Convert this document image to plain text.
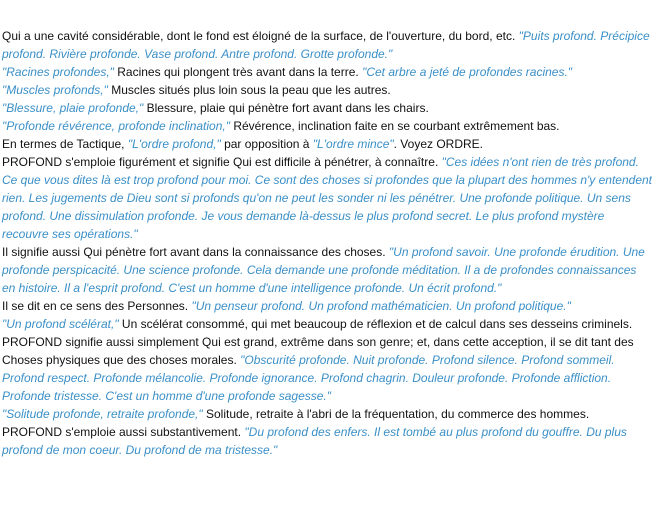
Qui a une cavité considérable, dont le fond est éloigné de la surface, de l'ouverture, du bord, etc. "Puits profond. Précipice profond. Rivière profonde. Vase profond. Antre profond. Grotte profonde."

"Racines profondes," Racines qui plongent très avant dans la terre. "Cet arbre a jeté de profondes racines."

"Muscles profonds," Muscles situés plus loin sous la peau que les autres.

"Blessure, plaie profonde," Blessure, plaie qui pénètre fort avant dans les chairs.

"Profonde révérence, profonde inclination," Révérence, inclination faite en se courbant extrêmement bas.

En termes de Tactique, "L'ordre profond," par opposition à "L'ordre mince". Voyez ORDRE.

PROFOND s'emploie figurément et signifie Qui est difficile à pénétrer, à connaître. "Ces idées n'ont rien de très profond. Ce que vous dites là est trop profond pour moi. Ce sont des choses si profondes que la plupart des hommes n'y entendent rien. Les jugements de Dieu sont si profonds qu'on ne peut les sonder ni les pénétrer. Une profonde politique. Un sens profond. Une dissimulation profonde. Je vous demande là-dessus le plus profond secret. Le plus profond mystère recouvre ses opérations."

Il signifie aussi Qui pénètre fort avant dans la connaissance des choses. "Un profond savoir. Une profonde érudition. Une profonde perspicacité. Une science profonde. Cela demande une profonde méditation. Il a de profondes connaissances en histoire. Il a l'esprit profond. C'est un homme d'une intelligence profonde. Un écrit profond."

Il se dit en ce sens des Personnes. "Un penseur profond. Un profond mathématicien. Un profond politique."

"Un profond scélérat," Un scélérat consommé, qui met beaucoup de réflexion et de calcul dans ses desseins criminels.

PROFOND signifie aussi simplement Qui est grand, extrême dans son genre; et, dans cette acception, il se dit tant des Choses physiques que des choses morales. "Obscurité profonde. Nuit profonde. Profond silence. Profond sommeil. Profond respect. Profonde mélancolie. Profonde ignorance. Profond chagrin. Douleur profonde. Profonde affliction. Profonde tristesse. C'est un homme d'une profonde sagesse."

"Solitude profonde, retraite profonde," Solitude, retraite à l'abri de la fréquentation, du commerce des hommes.

PROFOND s'emploie aussi substantivement. "Du profond des enfers. Il est tombé au plus profond du gouffre. Du plus profond de mon coeur. Du profond de ma tristesse."
